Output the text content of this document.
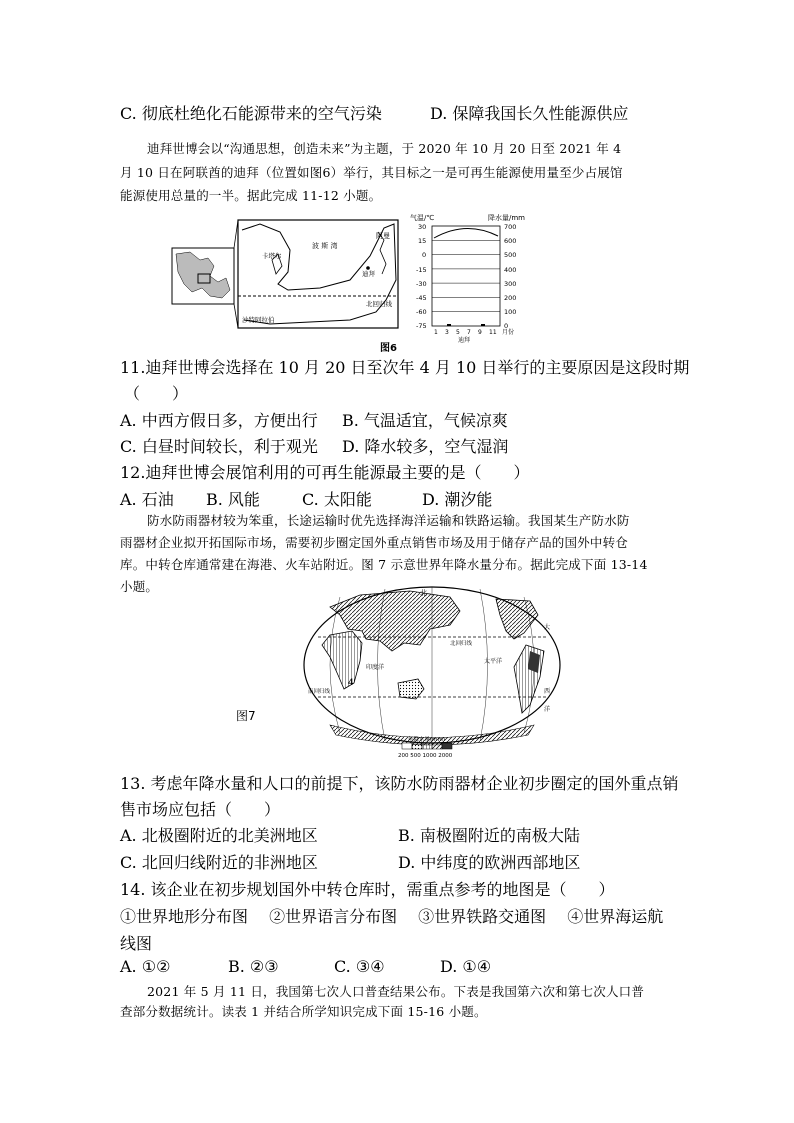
C. 彻底杜绝化石能源带来的空气污染	D. 保障我国长久性能源供应
迪拜世博会以“沟通思想，创造未来”为主题，于 2020 年 10 月 20 日至 2021 年 4
月 10 日在阿联酋的迪拜（位置如图6）举行，其目标之一是可再生能源使用量至少占展馆
能源使用总量的一半。据此完成 11-12 小题。
波 斯 湾
阿曼
卡塔尔
迪拜
北回归线
沙特阿拉伯
气温/℃	降水量/mm
30
15
0
-15
-30
-45
-60
-75
700
600
500
400
300
200
100
0
1 3 5 7 9 11 月份
迪拜
图6
11.迪拜世博会选择在 10 月 20 日至次年 4 月 10 日举行的主要原因是这段时期
（　　）
A. 中西方假日多，方便出行 B. 气温适宜，气候凉爽
C. 白昼时间较长，利于观光 D. 降水较多，空气湿润
12.迪拜世博会展馆利用的可再生能源最主要的是（　　）
A. 石油 B. 风能	C. 太阳能	D. 潮汐能
防水防雨器材较为笨重，长途运输时优先选择海洋运输和铁路运输。我国某生产防水防
雨器材企业拟开拓国际市场，需要初步圈定国外重点销售市场及用于储存产品的国外中转仓
库。中转仓库通常建在海港、火车站附近。图 7 示意世界年降水量分布。据此完成下面 13-14
小题。
图7
北
北回归线
太平洋
印度洋
大
西
洋
南回归线
4
年降水量(mm)
200 500 1000 2000
13. 考虑年降水量和人口的前提下，该防水防雨器材企业初步圈定的国外重点销
售市场应包括（　　）
A. 北极圈附近的北美洲地区	B. 南极圈附近的南极大陆
C. 北回归线附近的非洲地区	D. 中纬度的欧洲西部地区
14. 该企业在初步规划国外中转仓库时，需重点参考的地图是（　　）
①世界地形分布图　 ②世界语言分布图　 ③世界铁路交通图　 ④世界海运航
线图
A. ①②	B. ②③	C. ③④	D. ①④
2021 年 5 月 11 日，我国第七次人口普查结果公布。下表是我国第六次和第七次人口普
查部分数据统计。读表 1 并结合所学知识完成下面 15-16 小题。
